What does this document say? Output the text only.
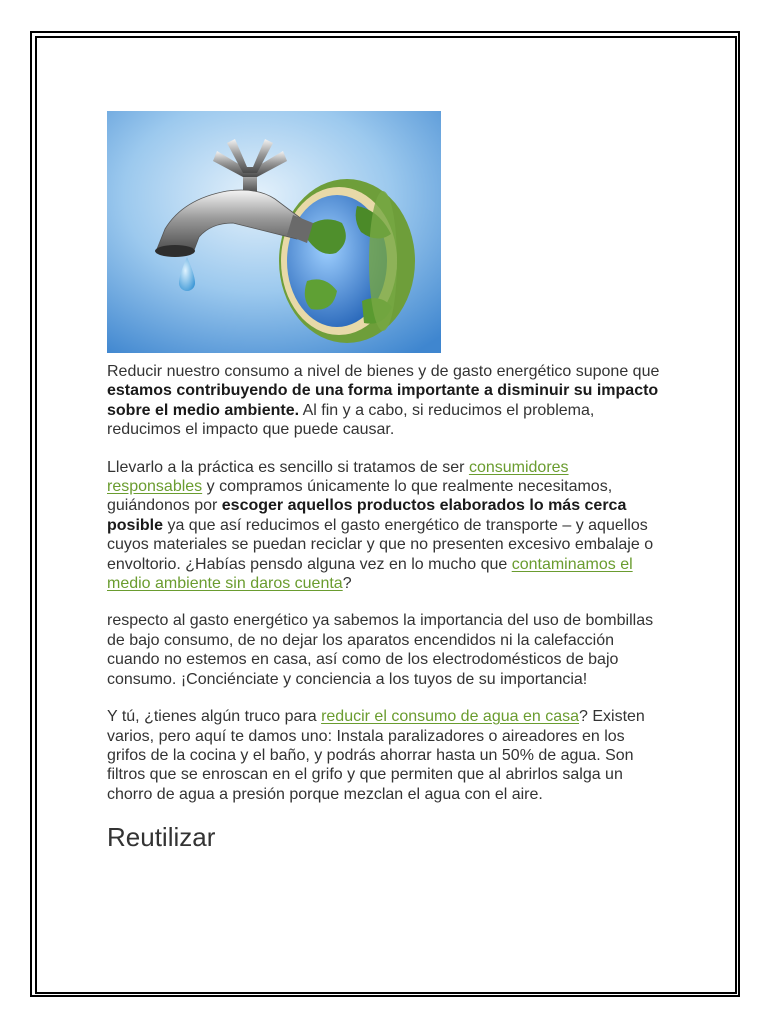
Reducir nuestro consumo a nivel de bienes y de gasto energético supone que estamos contribuyendo de una forma importante a disminuir su impacto sobre el medio ambiente. Al fin y a cabo, si reducimos el problema, reducimos el impacto que puede causar.

Llevarlo a la práctica es sencillo si tratamos de ser consumidores responsables y compramos únicamente lo que realmente necesitamos, guiándonos por escoger aquellos productos elaborados lo más cerca posible ya que así reducimos el gasto energético de transporte – y aquellos cuyos materiales se puedan reciclar y que no presenten excesivo embalaje o envoltorio. ¿Habías pensdo alguna vez en lo mucho que contaminamos el medio ambiente sin daros cuenta?

respecto al gasto energético ya sabemos la importancia del uso de bombillas de bajo consumo, de no dejar los aparatos encendidos ni la calefacción cuando no estemos en casa, así como de los electrodomésticos de bajo consumo. ¡Conciénciate y conciencia a los tuyos de su importancia!

Y tú, ¿tienes algún truco para reducir el consumo de agua en casa? Existen varios, pero aquí te damos uno: Instala paralizadores o aireadores en los grifos de la cocina y el baño, y podrás ahorrar hasta un 50% de agua. Son filtros que se enroscan en el grifo y que permiten que al abrirlos salga un chorro de agua a presión porque mezclan el agua con el aire.

Reutilizar
